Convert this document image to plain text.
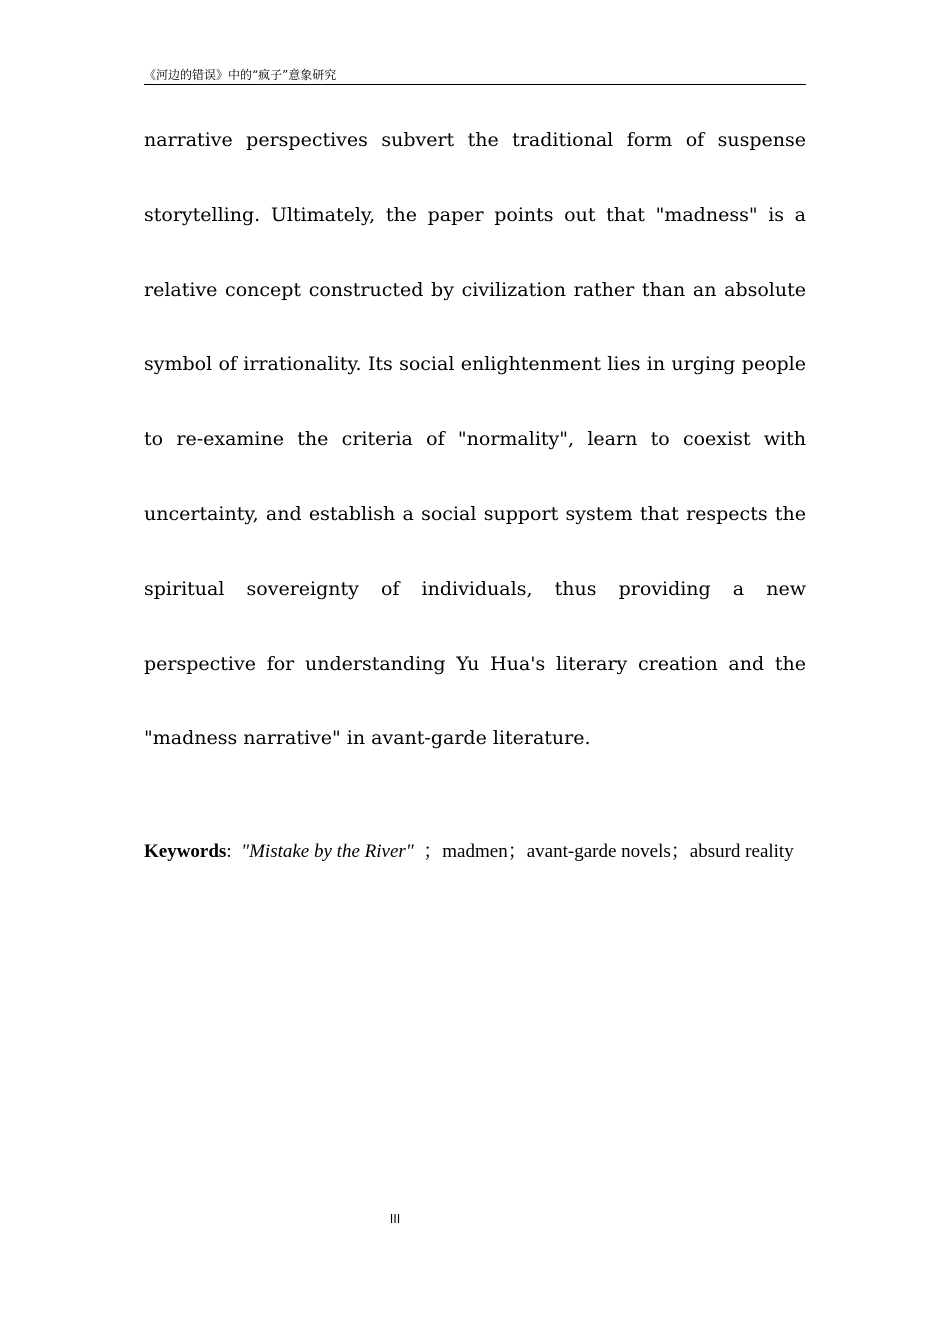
《河边的错误》中的“疯子”意象研究

narrative perspectives subvert the traditional form of suspense storytelling. Ultimately, the paper points out that "madness" is a relative concept constructed by civilization rather than an absolute symbol of irrationality. Its social enlightenment lies in urging people to re-examine the criteria of "normality", learn to coexist with uncertainty, and establish a social support system that respects the spiritual sovereignty of individuals, thus providing a new perspective for understanding Yu Hua's literary creation and the "madness narrative" in avant-garde literature.

Keywords: "Mistake by the River" ；madmen；avant-garde novels；absurd reality
III
